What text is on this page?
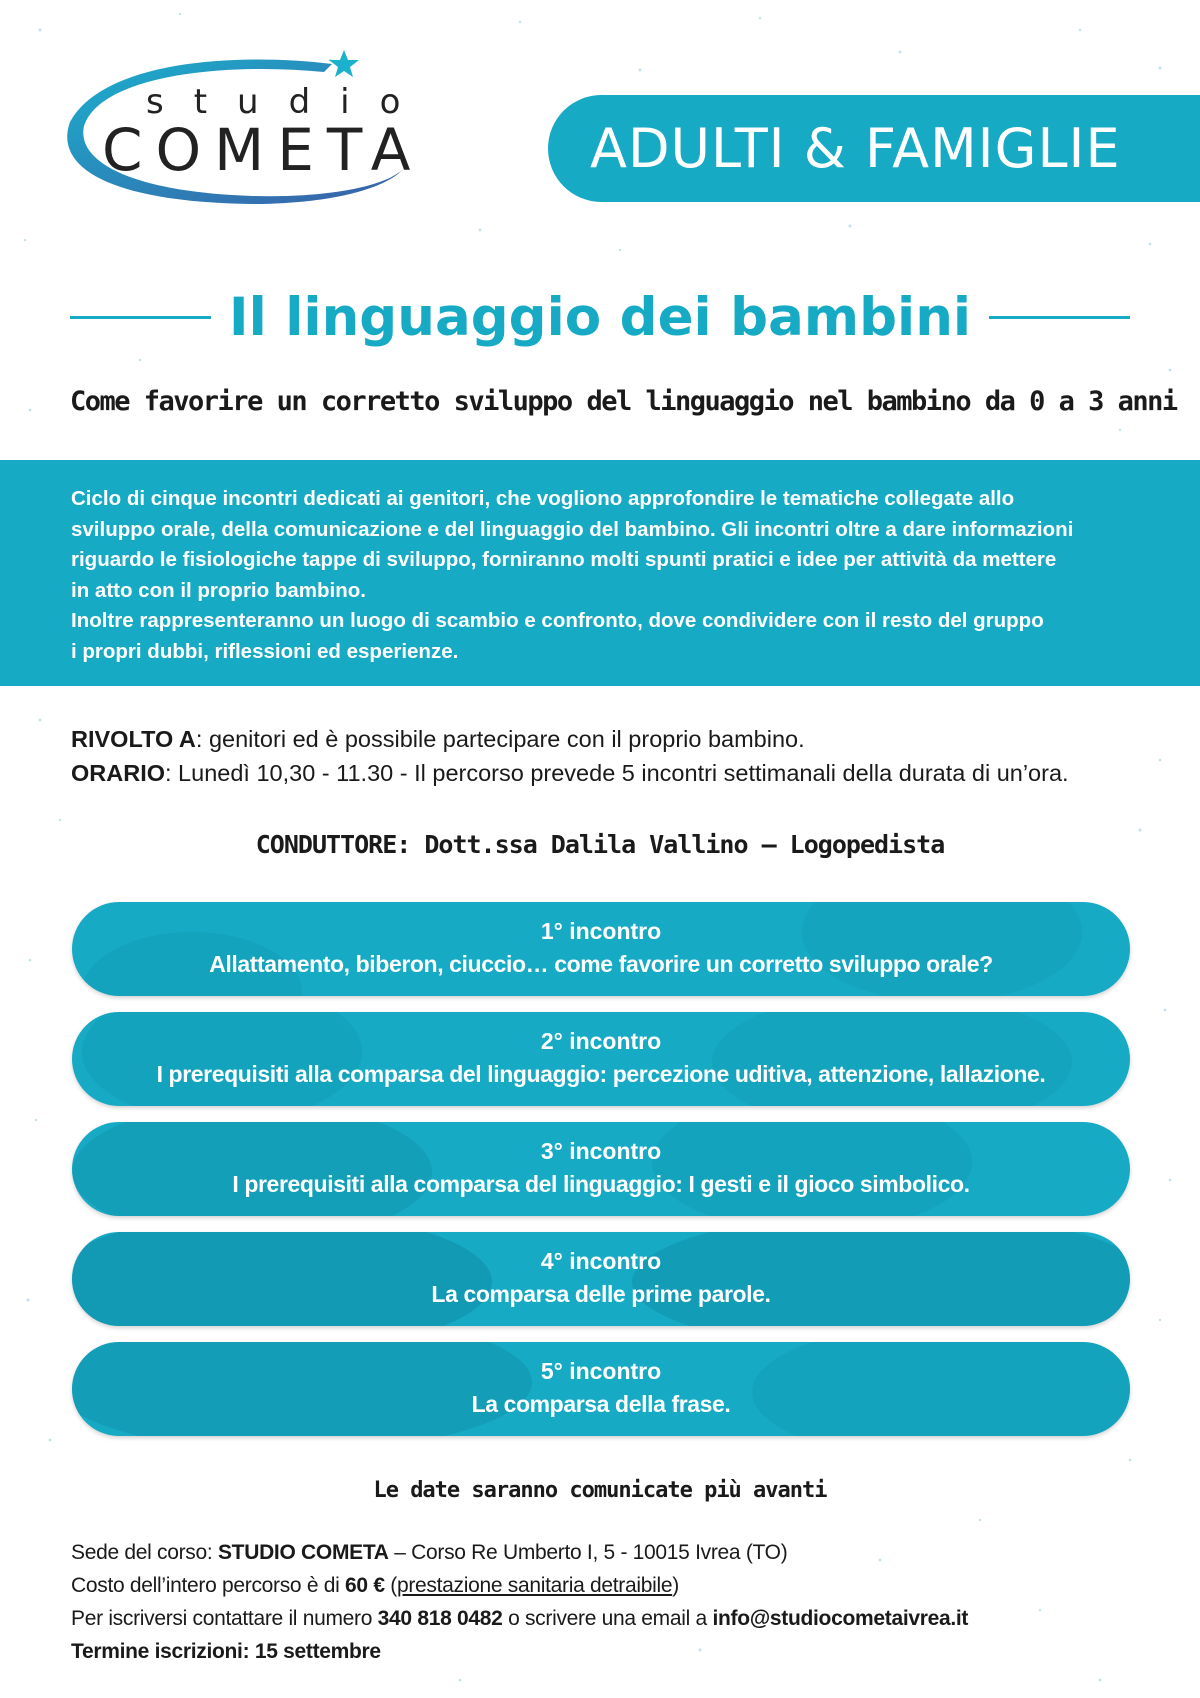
studio
COMETA	ADULTI & FAMIGLIE
Il linguaggio dei bambini
Come favorire un corretto sviluppo del linguaggio nel bambino da 0 a 3 anni

Ciclo di cinque incontri dedicati ai genitori, che vogliono approfondire le tematiche collegate allo
sviluppo orale, della comunicazione e del linguaggio del bambino. Gli incontri oltre a dare informazioni
riguardo le fisiologiche tappe di sviluppo, forniranno molti spunti pratici e idee per attività da mettere
in atto con il proprio bambino.
Inoltre rappresenteranno un luogo di scambio e confronto, dove condividere con il resto del gruppo
i propri dubbi, riflessioni ed esperienze.

RIVOLTO A: genitori ed è possibile partecipare con il proprio bambino.
ORARIO: Lunedì 10,30 - 11.30 - Il percorso prevede 5 incontri settimanali della durata di un’ora.
CONDUTTORE: Dott.ssa Dalila Vallino – Logopedista
1° incontro
Allattamento, biberon, ciuccio… come favorire un corretto sviluppo orale?
2° incontro
I prerequisiti alla comparsa del linguaggio: percezione uditiva, attenzione, lallazione.
3° incontro
I prerequisiti alla comparsa del linguaggio: I gesti e il gioco simbolico.
4° incontro
La comparsa delle prime parole.
5° incontro
La comparsa della frase.
Le date saranno comunicate più avanti
Sede del corso: STUDIO COMETA – Corso Re Umberto I, 5 - 10015 Ivrea (TO)
Costo dell’intero percorso è di 60 € (prestazione sanitaria detraibile)
Per iscriversi contattare il numero 340 818 0482 o scrivere una email a info@studiocometaivrea.it
Termine iscrizioni: 15 settembre
